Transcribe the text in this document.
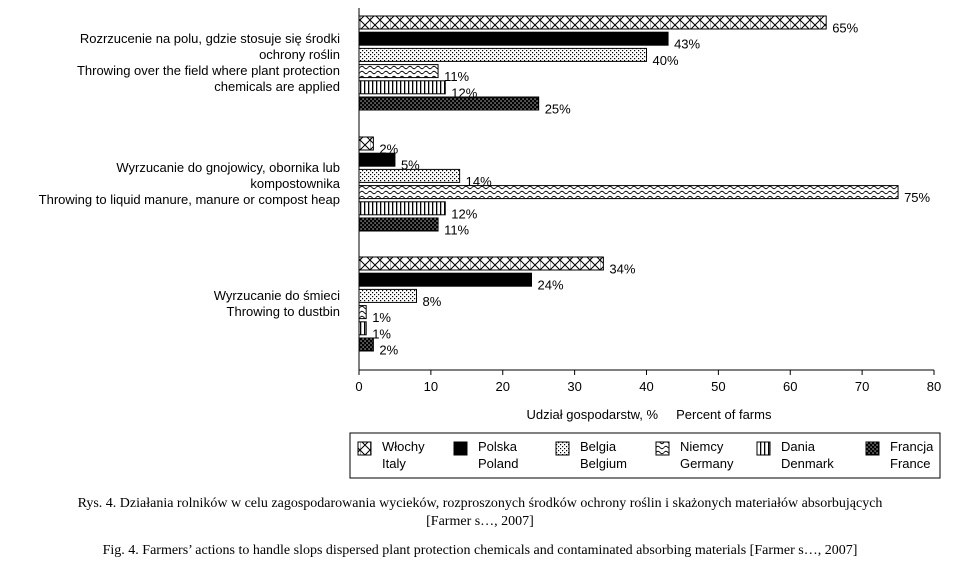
Rozrzucenie na polu, gdzie stosuje się środki
ochrony roślin
Throwing over the field where plant protection
chemicals are applied
Wyrzucanie do gnojowicy, obornika lub
kompostownika
Throwing to liquid manure, manure or compost heap
Wyrzucanie do śmieci
Throwing to dustbin
65%
2%
34%
43%
5%
24%
40%
14%
8%
11%
75%
1%
12%
12%
1%
25%
11%
2%
0	10	20	30	40	50	60	70	80
Udział gospodarstw, %     Percent of farms
Włochy
Italy
Polska
Poland
Belgia
Belgium
Niemcy
Germany
Dania
Denmark
Francja
France
Rys. 4. Działania rolników w celu zagospodarowania wycieków, rozproszonych środków ochrony roślin i skażonych materiałów absorbujących
[Farmer s…, 2007]
Fig. 4. Farmers’ actions to handle slops dispersed plant protection chemicals and contaminated absorbing materials [Farmer s…, 2007]
